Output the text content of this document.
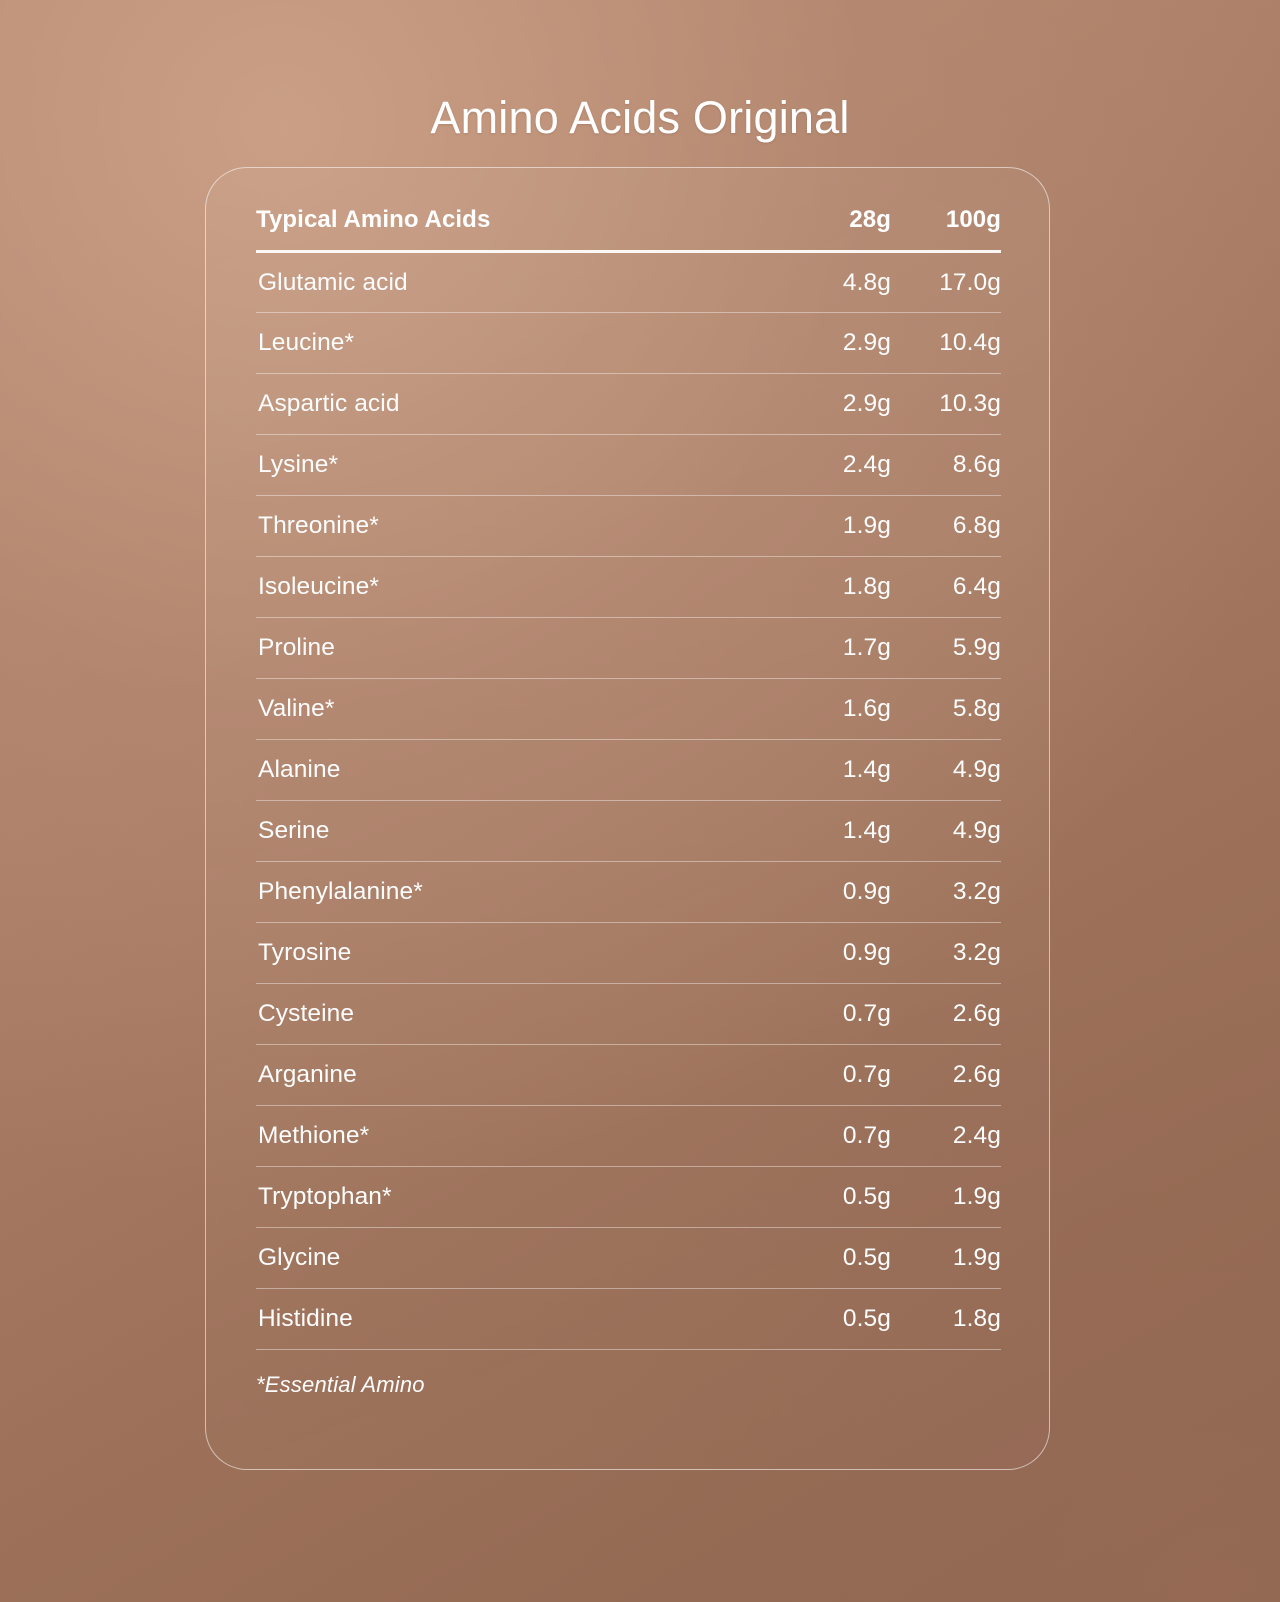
Amino Acids Original
Typical Amino Acids	28g	100g
Glutamic acid	4.8g	17.0g
Leucine*	2.9g	10.4g
Aspartic acid	2.9g	10.3g
Lysine*	2.4g	8.6g
Threonine*	1.9g	6.8g
Isoleucine*	1.8g	6.4g
Proline	1.7g	5.9g
Valine*	1.6g	5.8g
Alanine	1.4g	4.9g
Serine	1.4g	4.9g
Phenylalanine*	0.9g	3.2g
Tyrosine	0.9g	3.2g
Cysteine	0.7g	2.6g
Arganine	0.7g	2.6g
Methione*	0.7g	2.4g
Tryptophan*	0.5g	1.9g
Glycine	0.5g	1.9g
Histidine	0.5g	1.8g
*Essential Amino
